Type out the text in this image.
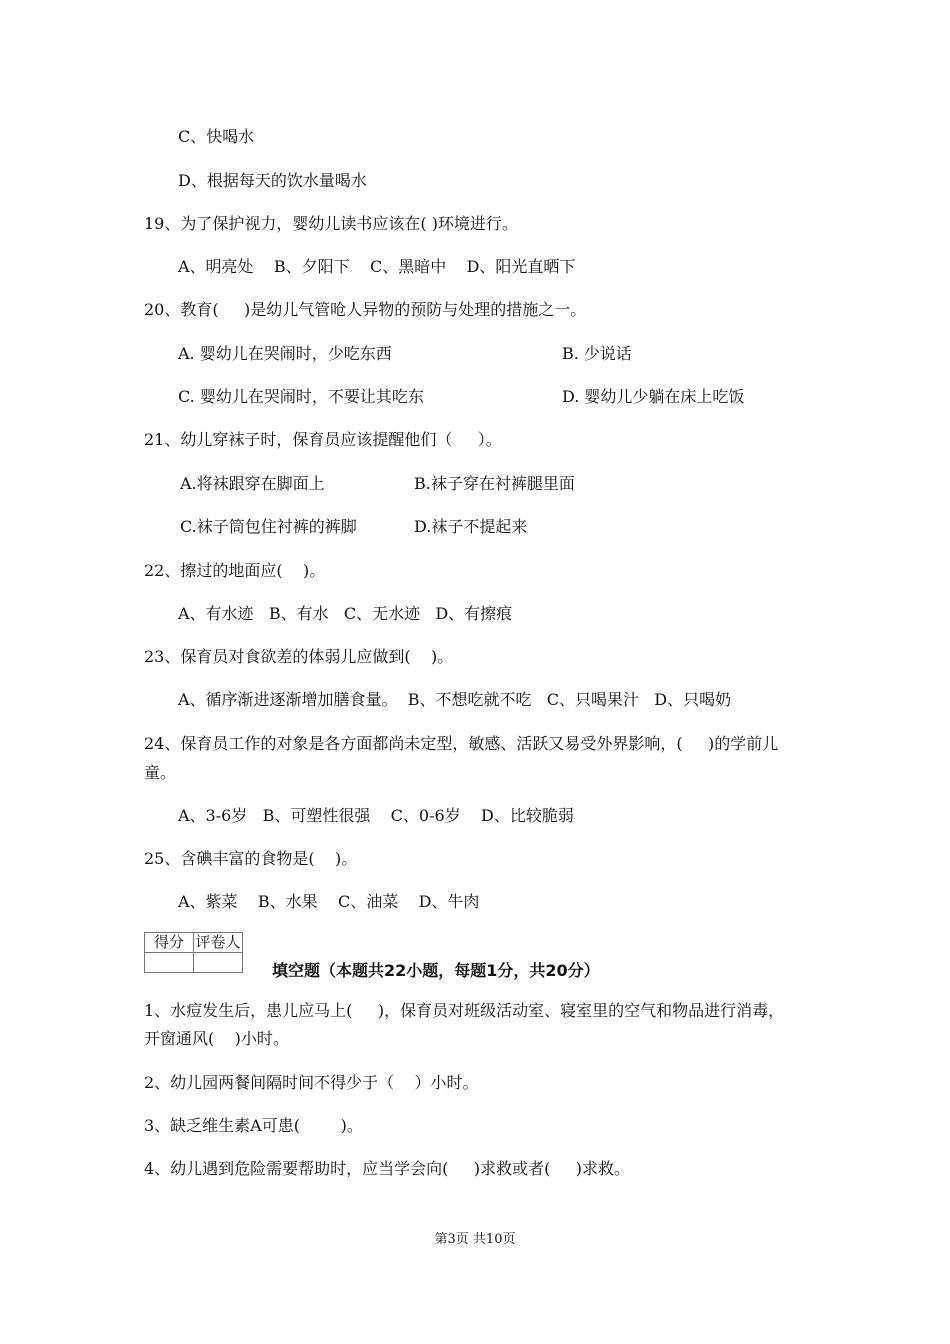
C、快喝水
D、根据每天的饮水量喝水
19、为了保护视力，婴幼儿读书应该在( )环境进行。
A、明亮处    B、夕阳下    C、黑暗中    D、阳光直晒下
20、教育(     )是幼儿气管呛人异物的预防与处理的措施之一。
A. 婴幼儿在哭闹时，少吃东西	B. 少说话
C. 婴幼儿在哭闹时，不要让其吃东	D. 婴幼儿少躺在床上吃饭
21、幼儿穿袜子时，保育员应该提醒他们（     ）。
A.将袜跟穿在脚面上	B.袜子穿在衬裤腿里面
C.袜子筒包住衬裤的裤脚	D.袜子不提起来
22、擦过的地面应(    )。
A、有水迹   B、有水   C、无水迹   D、有擦痕
23、保育员对食欲差的体弱儿应做到(    )。
A、循序渐进逐渐增加膳食量。  B、不想吃就不吃   C、只喝果汁   D、只喝奶
24、保育员工作的对象是各方面都尚未定型，敏感、活跃又易受外界影响，(     )的学前儿
童。
A、3-6岁   B、可塑性很强    C、0-6岁    D、比较脆弱
25、含碘丰富的食物是(    )。
A、紫菜    B、水果    C、油菜    D、牛肉
得分	评卷人

填空题（本题共22小题，每题1分，共20分）
1、水痘发生后，患儿应马上(     )，保育员对班级活动室、寝室里的空气和物品进行消毒，
开窗通风(    )小时。
2、幼儿园两餐间隔时间不得少于（    ）小时。
3、缺乏维生素A可患(        )。
4、幼儿遇到危险需要帮助时，应当学会向(     )求救或者(     )求救。
第3页 共10页
